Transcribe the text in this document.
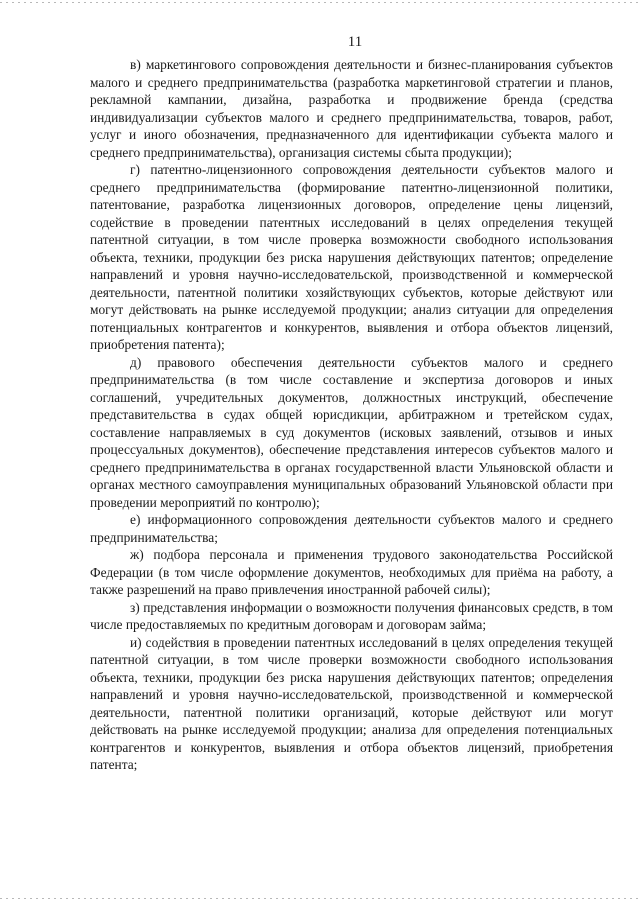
11

в) маркетингового сопровождения деятельности и бизнес-планирования субъектов малого и среднего предпринимательства (разработка маркетинговой стратегии и планов, рекламной кампании, дизайна, разработка и продвижение бренда (средства индивидуализации субъектов малого и среднего предпринимательства, товаров, работ, услуг и иного обозначения, предназначенного для идентификации субъекта малого и среднего предпринимательства), организация системы сбыта продукции);

г) патентно-лицензионного сопровождения деятельности субъектов малого и среднего предпринимательства (формирование патентно-лицензионной политики, патентование, разработка лицензионных договоров, определение цены лицензий, содействие в проведении патентных исследований в целях определения текущей патентной ситуации, в том числе проверка возможности свободного использования объекта, техники, продукции без риска нарушения действующих патентов; определение направлений и уровня научно-исследовательской, производственной и коммерческой деятельности, патентной политики хозяйствующих субъектов, которые действуют или могут действовать на рынке исследуемой продукции; анализ ситуации для определения потенциальных контрагентов и конкурентов, выявления и отбора объектов лицензий, приобретения патента);

д) правового обеспечения деятельности субъектов малого и среднего предпринимательства (в том числе составление и экспертиза договоров и иных соглашений, учредительных документов, должностных инструкций, обеспечение представительства в судах общей юрисдикции, арбитражном и третейском судах, составление направляемых в суд документов (исковых заявлений, отзывов и иных процессуальных документов), обеспечение представления интересов субъектов малого и среднего предпринимательства в органах государственной власти Ульяновской области и органах местного самоуправления муниципальных образований Ульяновской области при проведении мероприятий по контролю);

е) информационного сопровождения деятельности субъектов малого и среднего предпринимательства;

ж) подбора персонала и применения трудового законодательства Российской Федерации (в том числе оформление документов, необходимых для приёма на работу, а также разрешений на право привлечения иностранной рабочей силы);

з) представления информации о возможности получения финансовых средств, в том числе предоставляемых по кредитным договорам и договорам займа;

и) содействия в проведении патентных исследований в целях определения текущей патентной ситуации, в том числе проверки возможности свободного использования объекта, техники, продукции без риска нарушения действующих патентов; определения направлений и уровня научно-исследовательской, производственной и коммерческой деятельности, патентной политики организаций, которые действуют или могут действовать на рынке исследуемой продукции; анализа для определения потенциальных контрагентов и конкурентов, выявления и отбора объектов лицензий, приобретения патента;
